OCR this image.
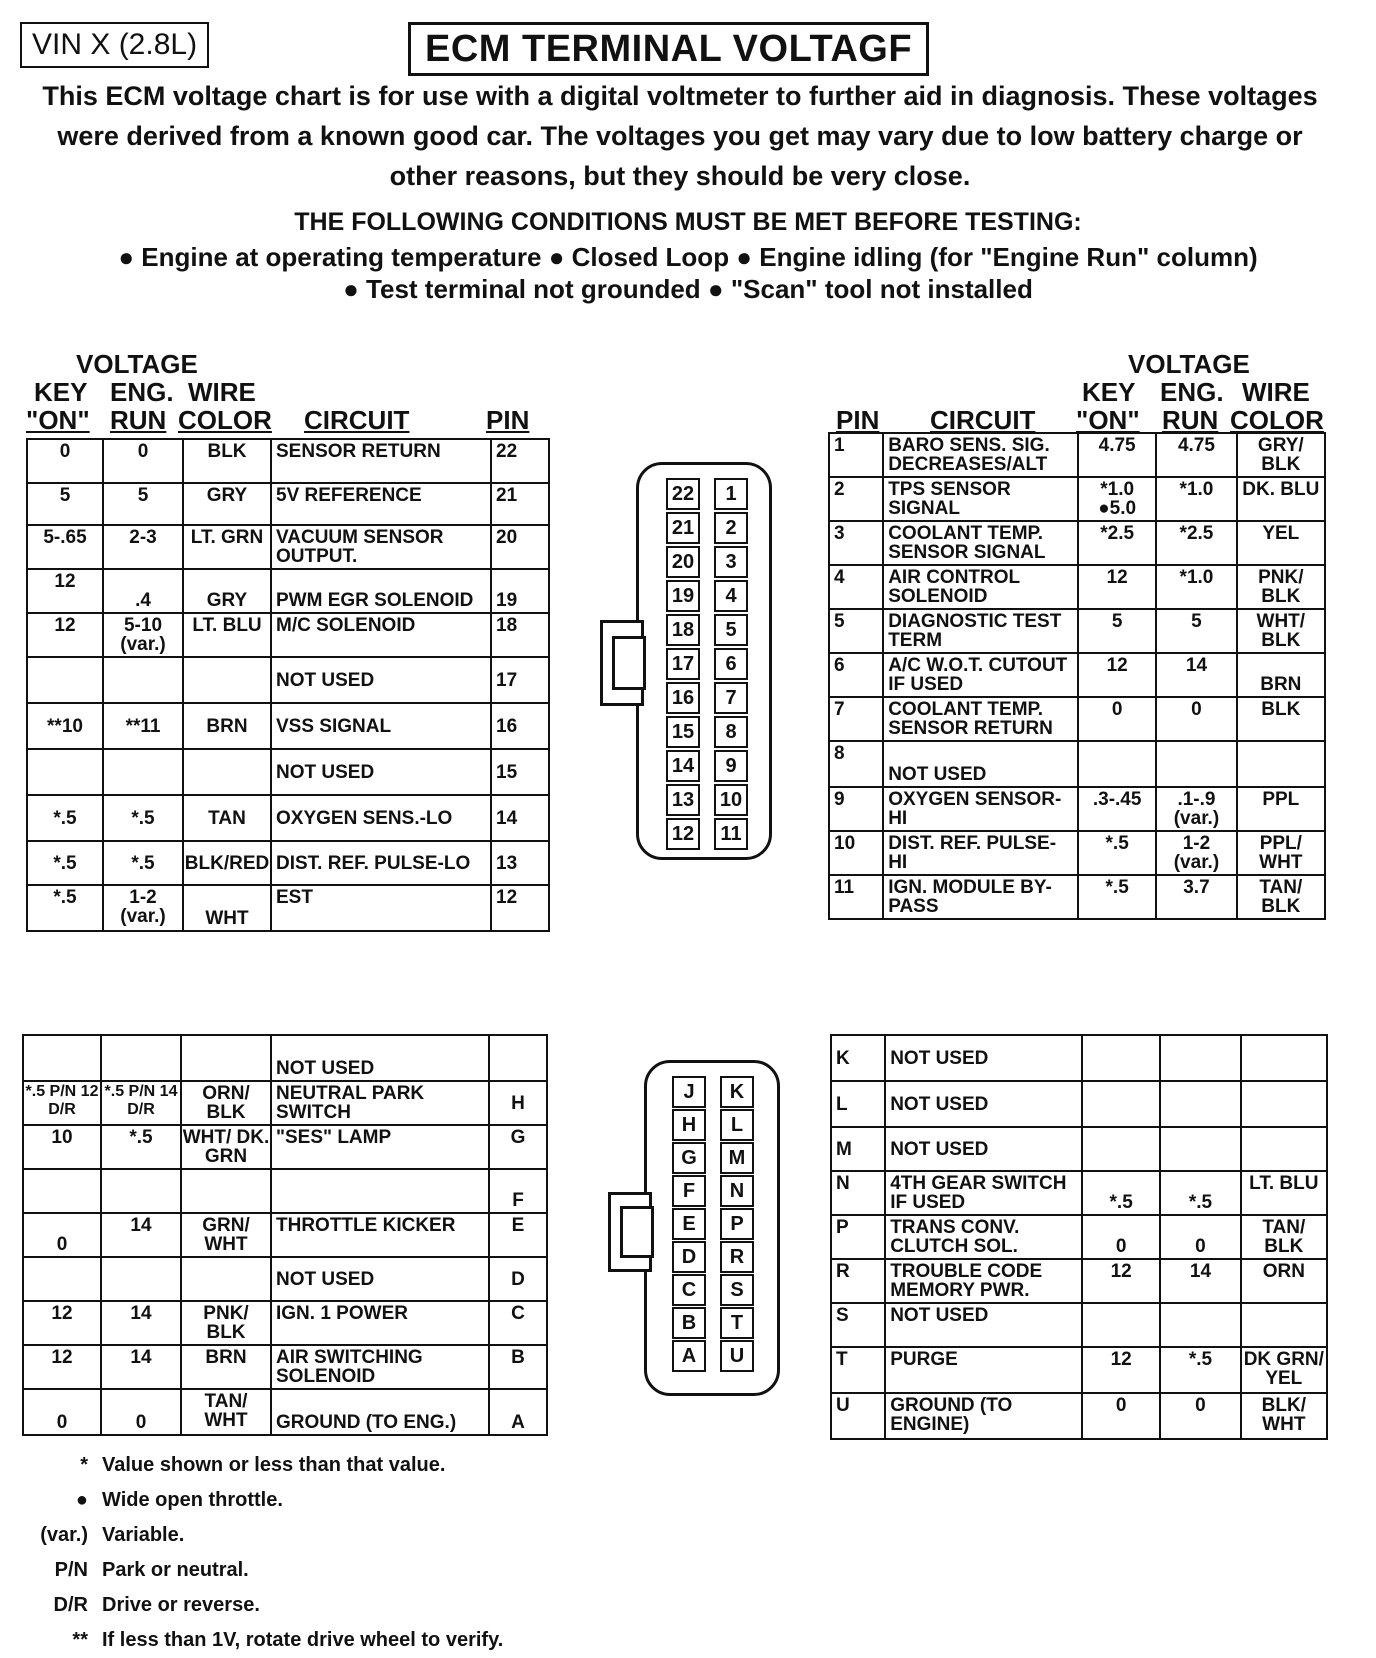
VIN X (2.8L)	ECM TERMINAL VOLTAGF
This ECM voltage chart is for use with a digital voltmeter to further aid in diagnosis. These voltages
were derived from a known good car. The voltages you get may vary due to low battery charge or
other reasons, but they should be very close.
THE FOLLOWING CONDITIONS MUST BE MET BEFORE TESTING:
● Engine at operating temperature ● Closed Loop ● Engine idling (for "Engine Run" column)
● Test terminal not grounded ● "Scan" tool not installed
VOLTAGE
KEY ENG. WIRE
"ON" RUN COLOR CIRCUIT	PIN
VOLTAGE
KEY ENG. WIRE
PIN CIRCUIT "ON" RUN COLOR
0	0	BLK	SENSOR RETURN	22
5	5	GRY	5V REFERENCE	21
5-.65	2-3	LT. GRN	VACUUM SENSOR OUTPUT.	20
12	.4	GRY	PWM EGR SOLENOID	19
12	5-10 (var.)	LT. BLU	M/C SOLENOID	18
			NOT USED	17
**10	**11	BRN	VSS SIGNAL	16
			NOT USED	15
*.5	*.5	TAN	OXYGEN SENS.-LO	14
*.5	*.5	BLK/RED	DIST. REF. PULSE-LO	13
*.5	1-2 (var.)	WHT	EST	12
1	BARO SENS. SIG. DECREASES/ALT	4.75	4.75	GRY/ BLK
2	TPS SENSOR SIGNAL	*1.0 ●5.0	*1.0	DK. BLU
3	COOLANT TEMP. SENSOR SIGNAL	*2.5	*2.5	YEL
4	AIR CONTROL SOLENOID	12	*1.0	PNK/ BLK
5	DIAGNOSTIC TEST TERM	5	5	WHT/ BLK
6	A/C W.O.T. CUTOUT IF USED	12	14	BRN
7	COOLANT TEMP. SENSOR RETURN	0	0	BLK
8	NOT USED			
9	OXYGEN SENSOR-HI	.3-.45	.1-.9 (var.)	PPL
10	DIST. REF. PULSE-HI	*.5	1-2 (var.)	PPL/ WHT
11	IGN. MODULE BY-PASS	*.5	3.7	TAN/ BLK
22
21
20
19
18
17
16
15
14
13
12
1
2
3
4
5
6
7
8
9
10
11
			NOT USED	
*.5 P/N 12 D/R	*.5 P/N 14 D/R	ORN/ BLK	NEUTRAL PARK SWITCH	H
10	*.5	WHT/ DK. GRN	"SES" LAMP	G
				F
0	14	GRN/ WHT	THROTTLE KICKER	E
			NOT USED	D
12	14	PNK/ BLK	IGN. 1 POWER	C
12	14	BRN	AIR SWITCHING SOLENOID	B
0	0	TAN/ WHT	GROUND (TO ENG.)	A
K	NOT USED			
L	NOT USED			
M	NOT USED			
N	4TH GEAR SWITCH IF USED	*.5	*.5	LT. BLU
P	TRANS CONV. CLUTCH SOL.	0	0	TAN/ BLK
R	TROUBLE CODE MEMORY PWR.	12	14	ORN
S	NOT USED			
T	PURGE	12	*.5	DK GRN/ YEL
U	GROUND (TO ENGINE)	0	0	BLK/ WHT
J
H
G
F
E
D
C
B
A
K
L
M
N
P
R
S
T
U
* Value shown or less than that value.
● Wide open throttle.
(var.) Variable.
P/N Park or neutral.
D/R Drive or reverse.
** If less than 1V, rotate drive wheel to verify.
